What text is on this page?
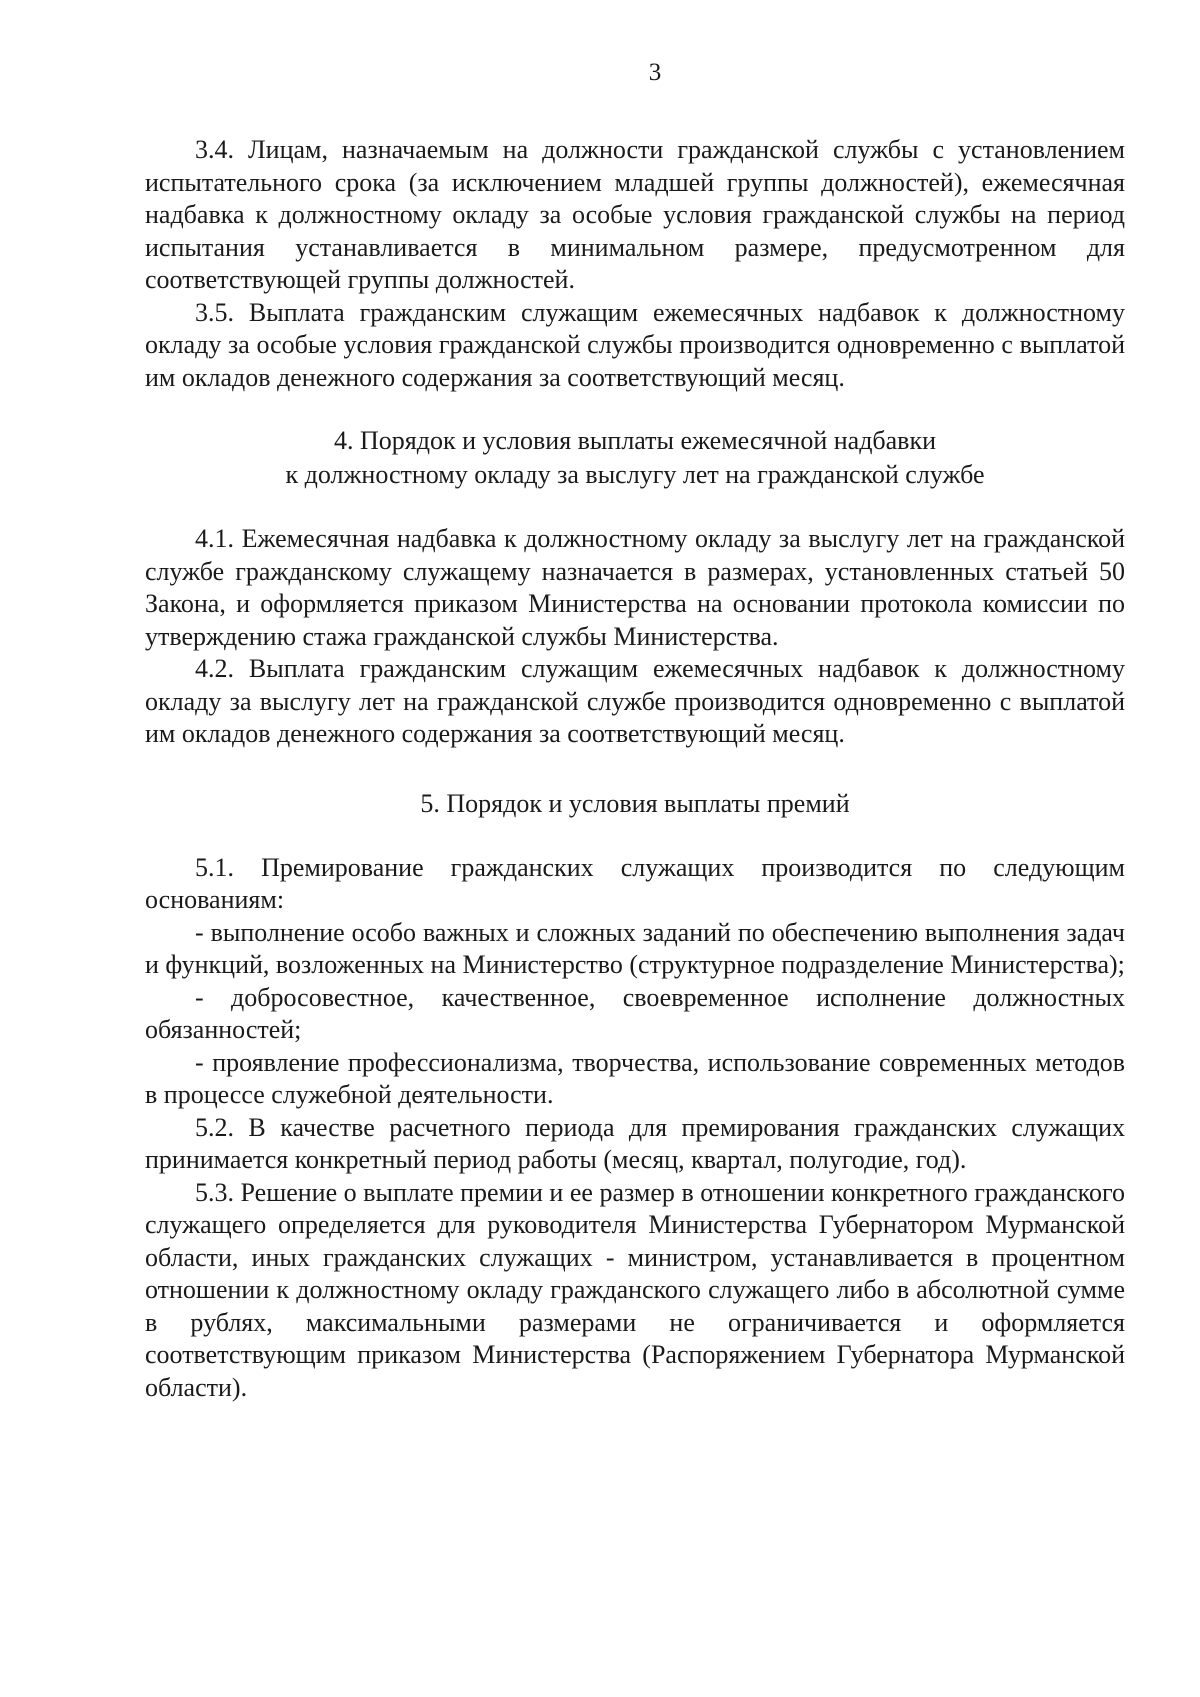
3

3.4. Лицам, назначаемым на должности гражданской службы с установлением испытательного срока (за исключением младшей группы должностей), ежемесячная надбавка к должностному окладу за особые условия гражданской службы на период испытания устанавливается в минимальном размере, предусмотренном для соответствующей группы должностей.

3.5. Выплата гражданским служащим ежемесячных надбавок к должностному окладу за особые условия гражданской службы производится одновременно с выплатой им окладов денежного содержания за соответствующий месяц.

4. Порядок и условия выплаты ежемесячной надбавки
к должностному окладу за выслугу лет на гражданской службе

4.1. Ежемесячная надбавка к должностному окладу за выслугу лет на гражданской службе гражданскому служащему назначается в размерах, установленных статьей 50 Закона, и оформляется приказом Министерства на основании протокола комиссии по утверждению стажа гражданской службы Министерства.

4.2. Выплата гражданским служащим ежемесячных надбавок к должностному окладу за выслугу лет на гражданской службе производится одновременно с выплатой им окладов денежного содержания за соответствующий месяц.

5. Порядок и условия выплаты премий

5.1. Премирование гражданских служащих производится по следующим основаниям:

- выполнение особо важных и сложных заданий по обеспечению выполнения задач и функций, возложенных на Министерство (структурное подразделение Министерства);

- добросовестное, качественное, своевременное исполнение должностных обязанностей;

- проявление профессионализма, творчества, использование современных методов в процессе служебной деятельности.

5.2. В качестве расчетного периода для премирования гражданских служащих принимается конкретный период работы (месяц, квартал, полугодие, год).

5.3. Решение о выплате премии и ее размер в отношении конкретного гражданского служащего определяется для руководителя Министерства Губернатором Мурманской области, иных гражданских служащих - министром, устанавливается в процентном отношении к должностному окладу гражданского служащего либо в абсолютной сумме в рублях, максимальными размерами не ограничивается и оформляется соответствующим приказом Министерства (Распоряжением Губернатора Мурманской области).
